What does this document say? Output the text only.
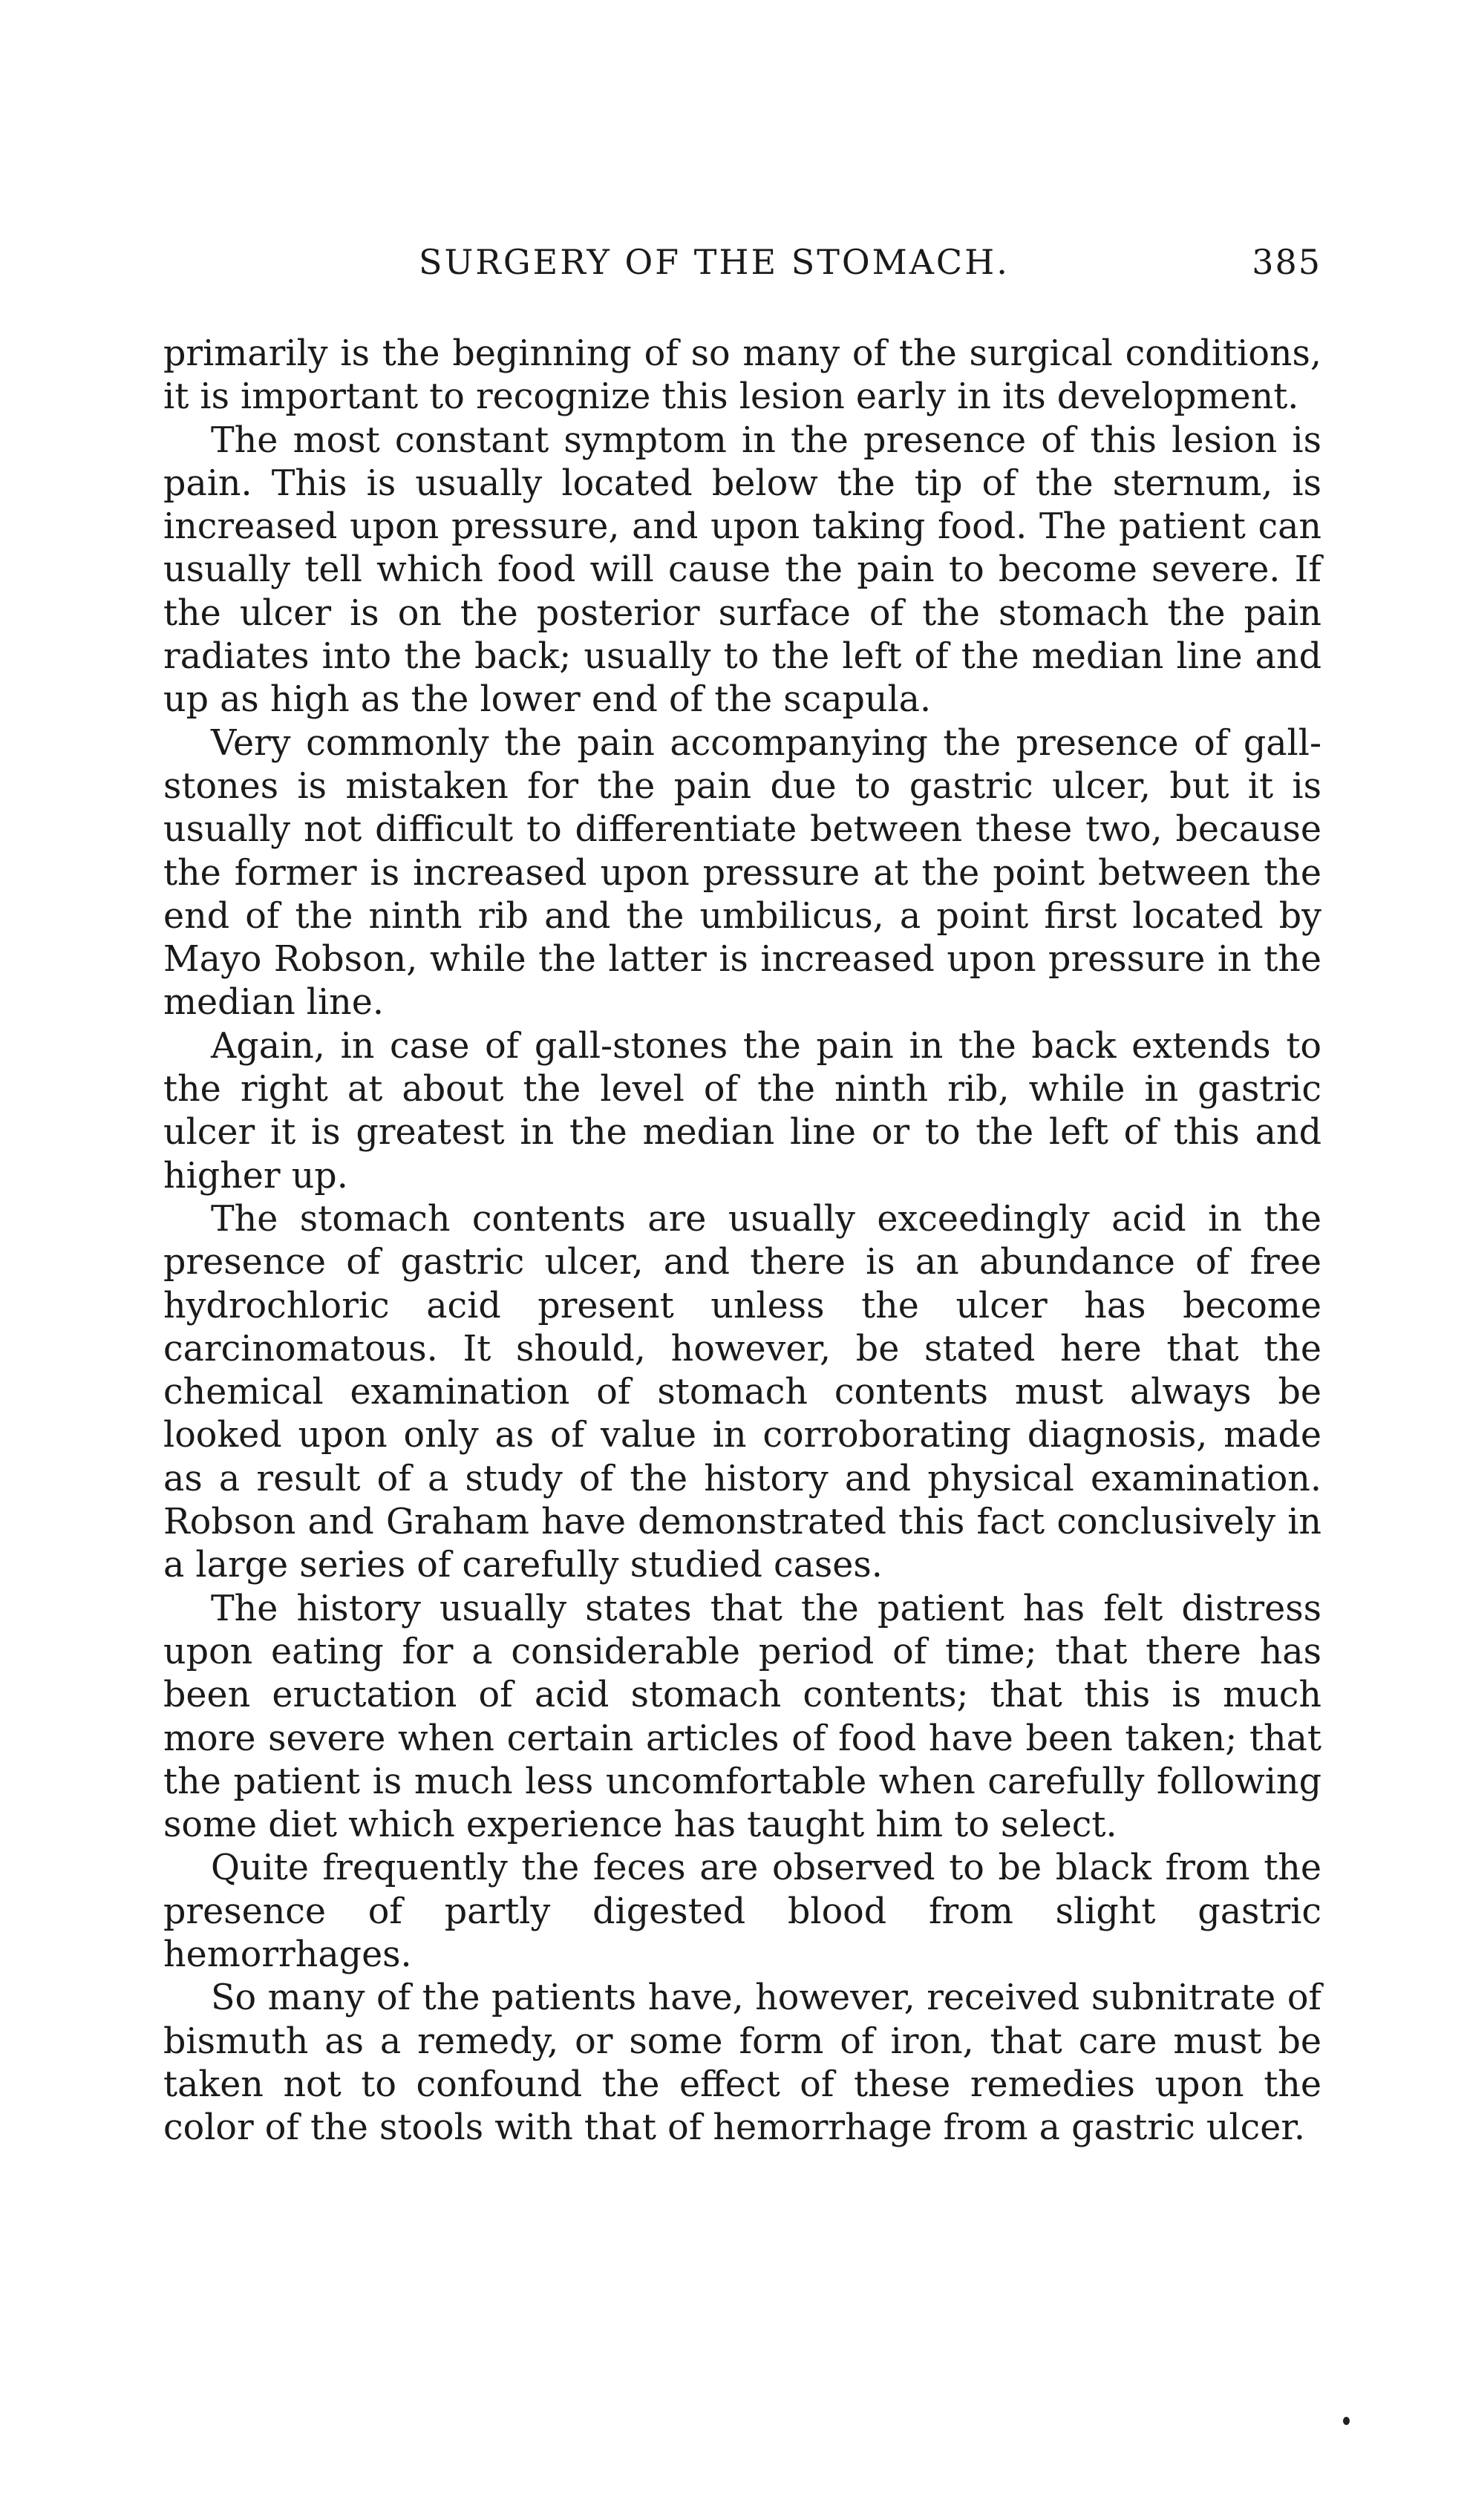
SURGERY OF THE STOMACH.	385

primarily is the beginning of so many of the surgical conditions, it is important to recognize this lesion early in its development.

The most constant symptom in the presence of this lesion is pain. This is usually located below the tip of the sternum, is increased upon pressure, and upon taking food. The patient can usually tell which food will cause the pain to become severe. If the ulcer is on the posterior surface of the stomach the pain radiates into the back; usually to the left of the median line and up as high as the lower end of the scapula.

Very commonly the pain accompanying the presence of gall-stones is mistaken for the pain due to gastric ulcer, but it is usually not difficult to differentiate between these two, because the former is increased upon pressure at the point between the end of the ninth rib and the umbilicus, a point first located by Mayo Robson, while the latter is increased upon pressure in the median line.

Again, in case of gall-stones the pain in the back extends to the right at about the level of the ninth rib, while in gastric ulcer it is greatest in the median line or to the left of this and higher up.

The stomach contents are usually exceedingly acid in the presence of gastric ulcer, and there is an abundance of free hydrochloric acid present unless the ulcer has become carcinomatous. It should, however, be stated here that the chemical examination of stomach contents must always be looked upon only as of value in corroborating diagnosis, made as a result of a study of the history and physical examination. Robson and Graham have demonstrated this fact conclusively in a large series of carefully studied cases.

The history usually states that the patient has felt distress upon eating for a considerable period of time; that there has been eructation of acid stomach contents; that this is much more severe when certain articles of food have been taken; that the patient is much less uncomfortable when carefully following some diet which experience has taught him to select.

Quite frequently the feces are observed to be black from the presence of partly digested blood from slight gastric hemorrhages.

So many of the patients have, however, received subnitrate of bismuth as a remedy, or some form of iron, that care must be taken not to confound the effect of these remedies upon the color of the stools with that of hemorrhage from a gastric ulcer.
